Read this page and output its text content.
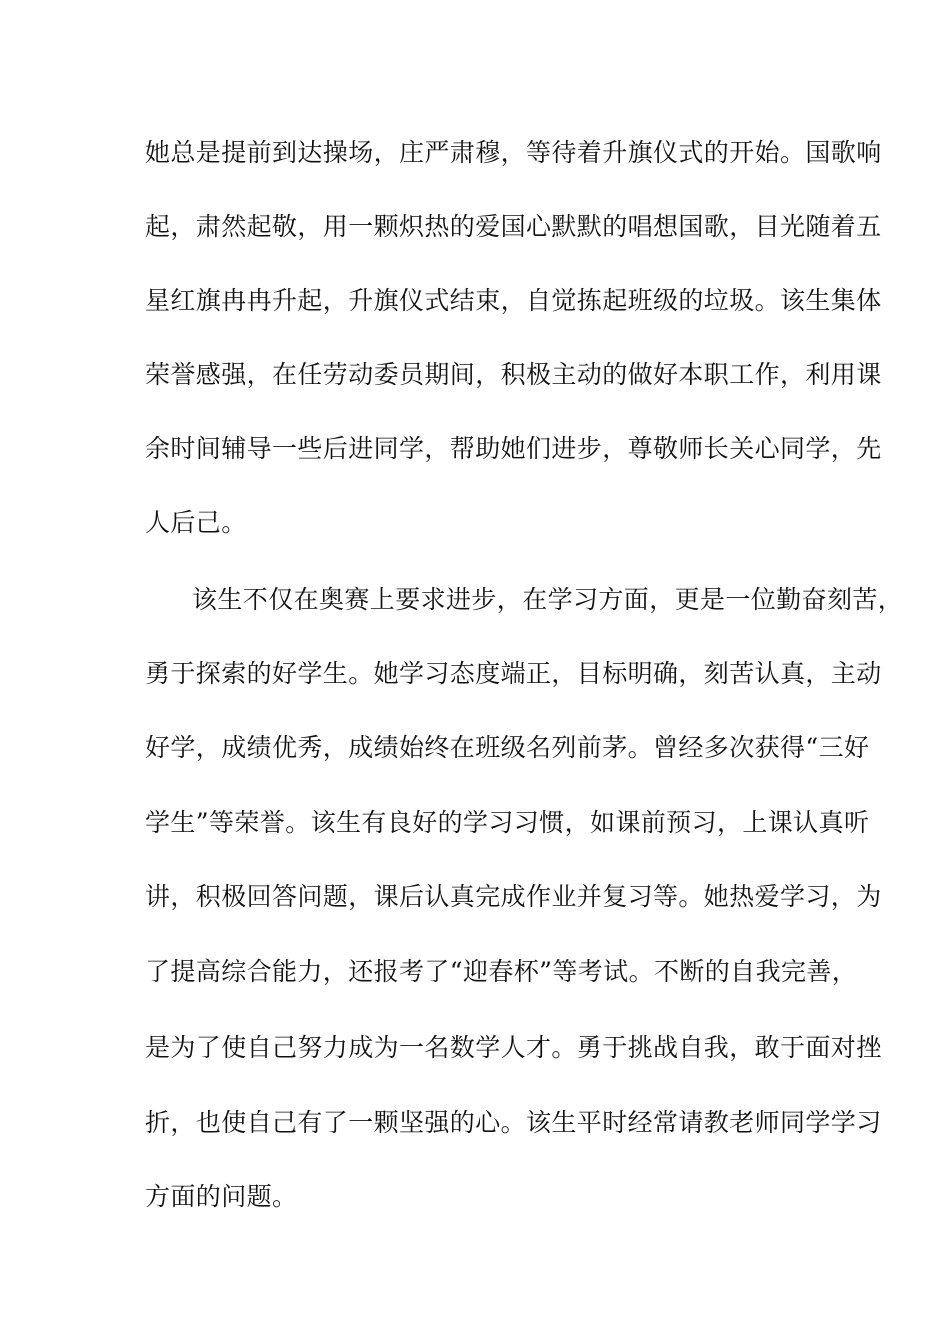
她总是提前到达操场，庄严肃穆，等待着升旗仪式的开始。国歌响
起，肃然起敬，用一颗炽热的爱国心默默的唱想国歌，目光随着五
星红旗冉冉升起，升旗仪式结束，自觉拣起班级的垃圾。该生集体
荣誉感强，在任劳动委员期间，积极主动的做好本职工作，利用课
余时间辅导一些后进同学，帮助她们进步，尊敬师长关心同学，先
人后己。
该生不仅在奥赛上要求进步，在学习方面，更是一位勤奋刻苦，
勇于探索的好学生。她学习态度端正，目标明确，刻苦认真，主动
好学，成绩优秀，成绩始终在班级名列前茅。曾经多次获得“三好
学生”等荣誉。该生有良好的学习习惯，如课前预习，上课认真听
讲，积极回答问题，课后认真完成作业并复习等。她热爱学习，为
了提高综合能力，还报考了“迎春杯”等考试。不断的自我完善，
是为了使自己努力成为一名数学人才。勇于挑战自我，敢于面对挫
折，也使自己有了一颗坚强的心。该生平时经常请教老师同学学习
方面的问题。
